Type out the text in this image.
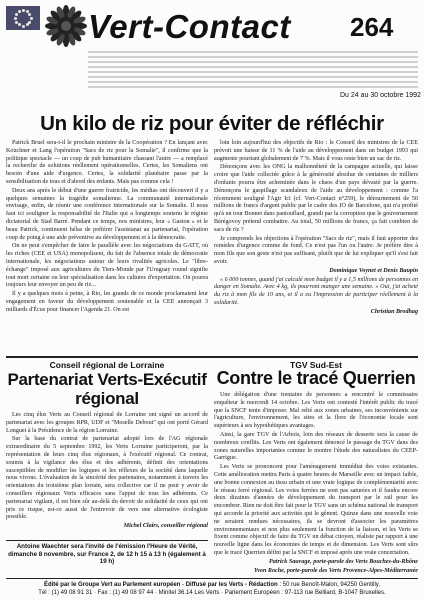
Vert-Contact 264
Du 24 au 30 octobre 1992
Un kilo de riz pour éviter de réfléchir

Patrick Bruel sera-t-il le prochain ministre de la Coopération ? En lançant avec Kouchner et Lang l'opération "Sacs de riz pour la Somalie", il confirme que la politique spectacle — un coup de pub humanitaire chassant l'autre — a remplacé la recherche de solutions réellement opérationnelles. Certes, les Somaliens ont besoin d'une aide d'urgence. Certes, la solidarité planétaire passe par la sensibilisation de tous et d'abord des enfants. Mais pas comme cela !

Deux ans après le début d'une guerre fratricide, les médias ont découvert il y a quelques semaines la tragédie somalienne. La communauté internationale envisage, enfin, de réunir une conférence internationale sur la Somalie. Il nous faut ici souligner la responsabilité de l'Italie qui a longtemps soutenu le régime dictatorial de Siad Barré. Pendant ce temps, nos ministres, leur « Gaston » et le beau Patrick, continuent hélas de préférer l'assistanat au partenariat, l'opération coup de poing à une aide préventive au développement et à la démocratie.

On ne peut s'empêcher de faire le parallèle avec les négociations du GATT, où les riches (CEE et USA) monopolisent, du fait de l'absence totale de démocratie internationale, les négociations autour de leurs rivalités agricoles. Le "libre-échange" imposé aux agricultures du Tiers-Monde par l'Uruguay round signifie tout mort certaine ou leur spécialisation dans les cultures d'exportation. On pourra toujours leur envoyer un peu de riz...

Il y a quelques mois à peine, à Rio, les grands de ce monde proclamaient leur engagement en faveur du développement soutenable et la CEE annonçait 3 milliards d'Écus pour financer l'Agenda 21. On est

loin loin aujourd'hui des objectifs de Rio : le Conseil des ministres de la CEE prévoit une baisse de 11 % de l'aide au développement dans un budget 1993 qui augmente pourtant globalement de 7 %. Mais il vous reste bien un sac de riz.

Dénonçons avec les ONG la malhonnêteté de la campagne actuelle, qui laisse croire que l'aide collectée grâce à la générosité absolue de centaines de milliers d'enfants pourra être acheminée dans le chaos d'un pays dévasté par la guerre. Dénonçons le gaspillage scandaleux de l'aide au développement : comme l'a récemment souligné l'Agir Ici (cf. Vert-Contact n°259), le détournement de 50 millions de francs d'argent public par le cadre des JO de Barcelone, qui n'a profité qu'à un tour Bonnet dans pantouflard, grandi par la corruption que le gouvernement Bérégovoy prétend combattre. Au total, 50 millions de francs, ça fait combien de sacs de riz ?

Je comprends les objections à l'opération "Sacs de riz", mais il faut apporter des remèdes d'urgence comme de fond. Ce n'est pas l'un ou l'autre. Je préfère dire à mon fils que son geste n'est pas suffisant, plutôt que de lui expliquer qu'il s'est fait avoir.

Dominique Voynet et Denis Baupin

« 6 000 tonnes, quand j'ai calculé mon budget il y a 1,5 millions de personnes en danger en Somalie. Avec 4 kg, ils pourront manger une semaine. » Oui, j'ai acheté du riz à mon fils de 10 ans, et il a eu l'impression de participer réellement à la solidarité.

Christian Brodhag

Conseil régional de Lorraine
Partenariat Verts-Exécutif régional

Les cinq élus Verts au Conseil régional de Lorraine ont signé un accord de partenariat avec les groupes RPR, UDF et "Moselle Debout" qui ont porté Gérard Longuet à la Présidence de la région Lorraine.

Sur la base du contrat de partenariat adopté lors de l'AG régionale extraordinaire du 5 septembre 1992, les Verts Lorraine participeront, par la représentation de leurs cinq élus régionaux, à l'exécutif régional. Ce contrat, soumis à la vigilance des élus et des adhérents, définit des orientations susceptibles de modifier les logiques et les réflexes de la société dans laquelle nous vivons. L'évaluation de la sincérité des partenaires, notamment à travers les orientations du troisième plan lorrain, sera collective car il ne peut y avoir de conseillers régionaux Verts efficaces sans l'appui de tous les adhérents. Ce partenariat vigilant, il est bien sûr au-delà du devoir de solidarité de ceux qui ont pris ce risque, est-ce aussi de l'entrevoir de vers une alternative écologiste possible.

Michel Clairs, conseiller régional

Antoine Waechter sera l'invité de l'émission l'Heure de Vérité, dimanche 8 novembre, sur France 2, de 12 h 15 à 13 h (également à 19 h)
TGV Sud-Est
Contre le tracé Querrien

Une délégation d'une trentaine de personnes a rencontré le commissaire enquêteur le mercredi 14 octobre. Les Verts ont contesté l'intérêt public du tracé que la SNCF tente d'imposer. Mal relié aux zones urbaines, ses inconvénients sur l'agriculture, l'environnement, les sites et la flore de l'économie locale sont supérieurs à ses hypothétiques avantages.

Ainsi, la gare TGV de l'Arbois, loin des réseaux de desserte sera la cause de nombreux conflits. Les Verts ont également dénoncé le passage du TGV dans des zones naturelles importantes comme le montre l'étude des naturalistes du CEEP-Garrigue.

Les Verts se prononcent pour l'aménagement immédiat des voies existantes. Cette amélioration mettra Paris à quatre heures de Marseille avec un impact faible, une bonne connexion au tissu urbain et une vraie logique de complémentarité avec le réseau ferré régional. Les voies ferrées ne sont pas saturées et il faudra encore deux dizaines d'années de développement du transport par le rail pour les encombrer. Rien ne doit être fait pour le TGV sans un schéma national de transport qui accorde la priorité aux activités qui le gênent. Quinze dans une nouvelle voie ne seraient rendues nécessaires, ils se devront d'associer les paramètres environnementaux et non plus seulement la fonction de la liaison, et les Verts se fixent comme objectif de faire du TGV un débat citoyen, réaliste par rapport à une nouvelle ligne dans les économies de temps et de dimension. Les Verts sont sûrs que le tracé Querrien défini par la SNCF et imposé après une vraie concertation.

Patrick Sauvage, porte-parole des Verts Bouches-du-Rhône

Yvon Roche, porte-parole des Verts Provence-Alpes-Méditerranée

Édité par le Groupe Vert au Parlement européen - Diffusé par les Verts - Rédaction : 50 rue Benoît-Malon, 94250 Gentilly.
Tél : (1) 49 08 91 31 · Fax : (1) 49 08 97 44 · Minitel 36.14 Les Verts · Parlement Européen : 97-113 rue Belliard, B-1047 Bruxelles.
